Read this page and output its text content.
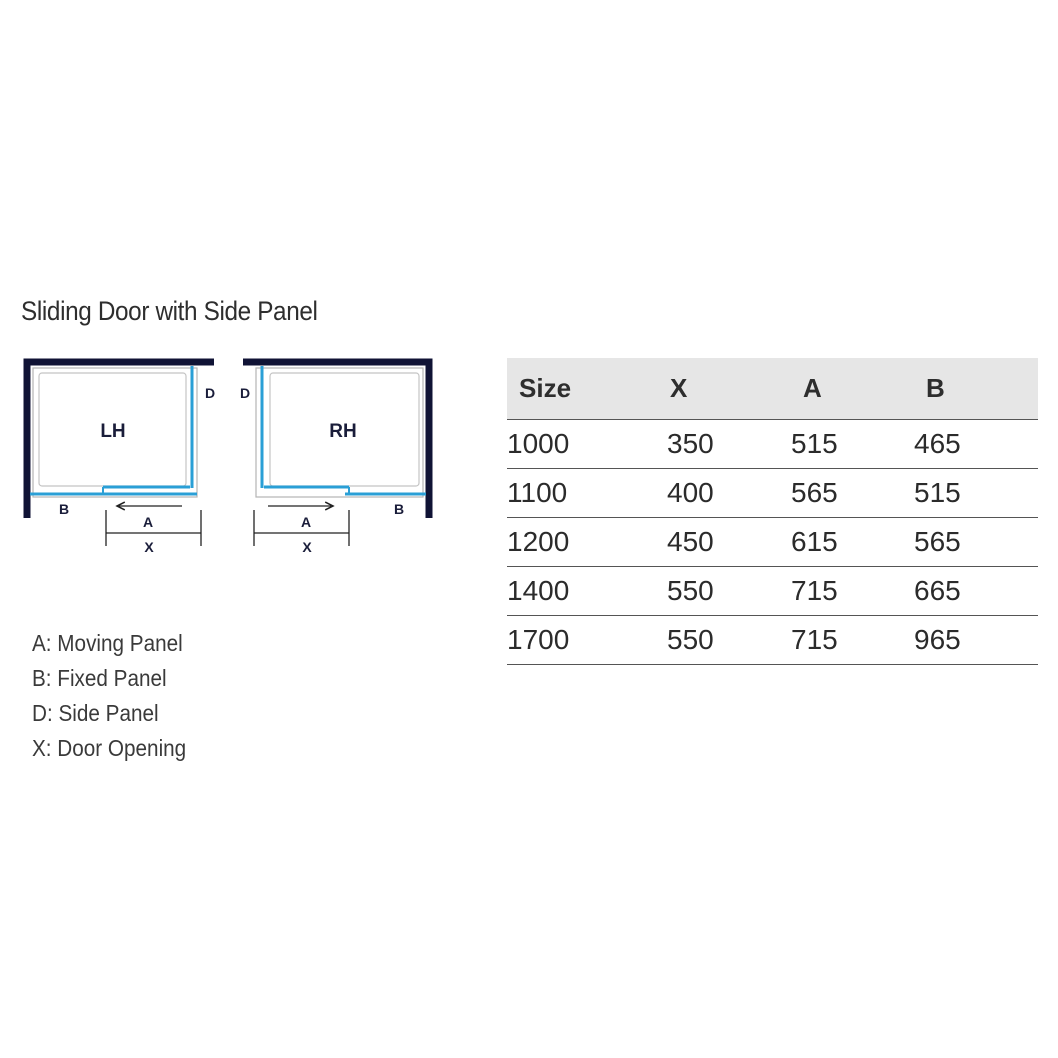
Sliding Door with Side Panel
LH
D
B
A
X
RH
D
B
A
X
A: Moving Panel
B: Fixed Panel
D: Side Panel
X: Door Opening
Size	X	A	B
1000	350	515	465
1100	400	565	515
1200	450	615	565
1400	550	715	665
1700	550	715	965
